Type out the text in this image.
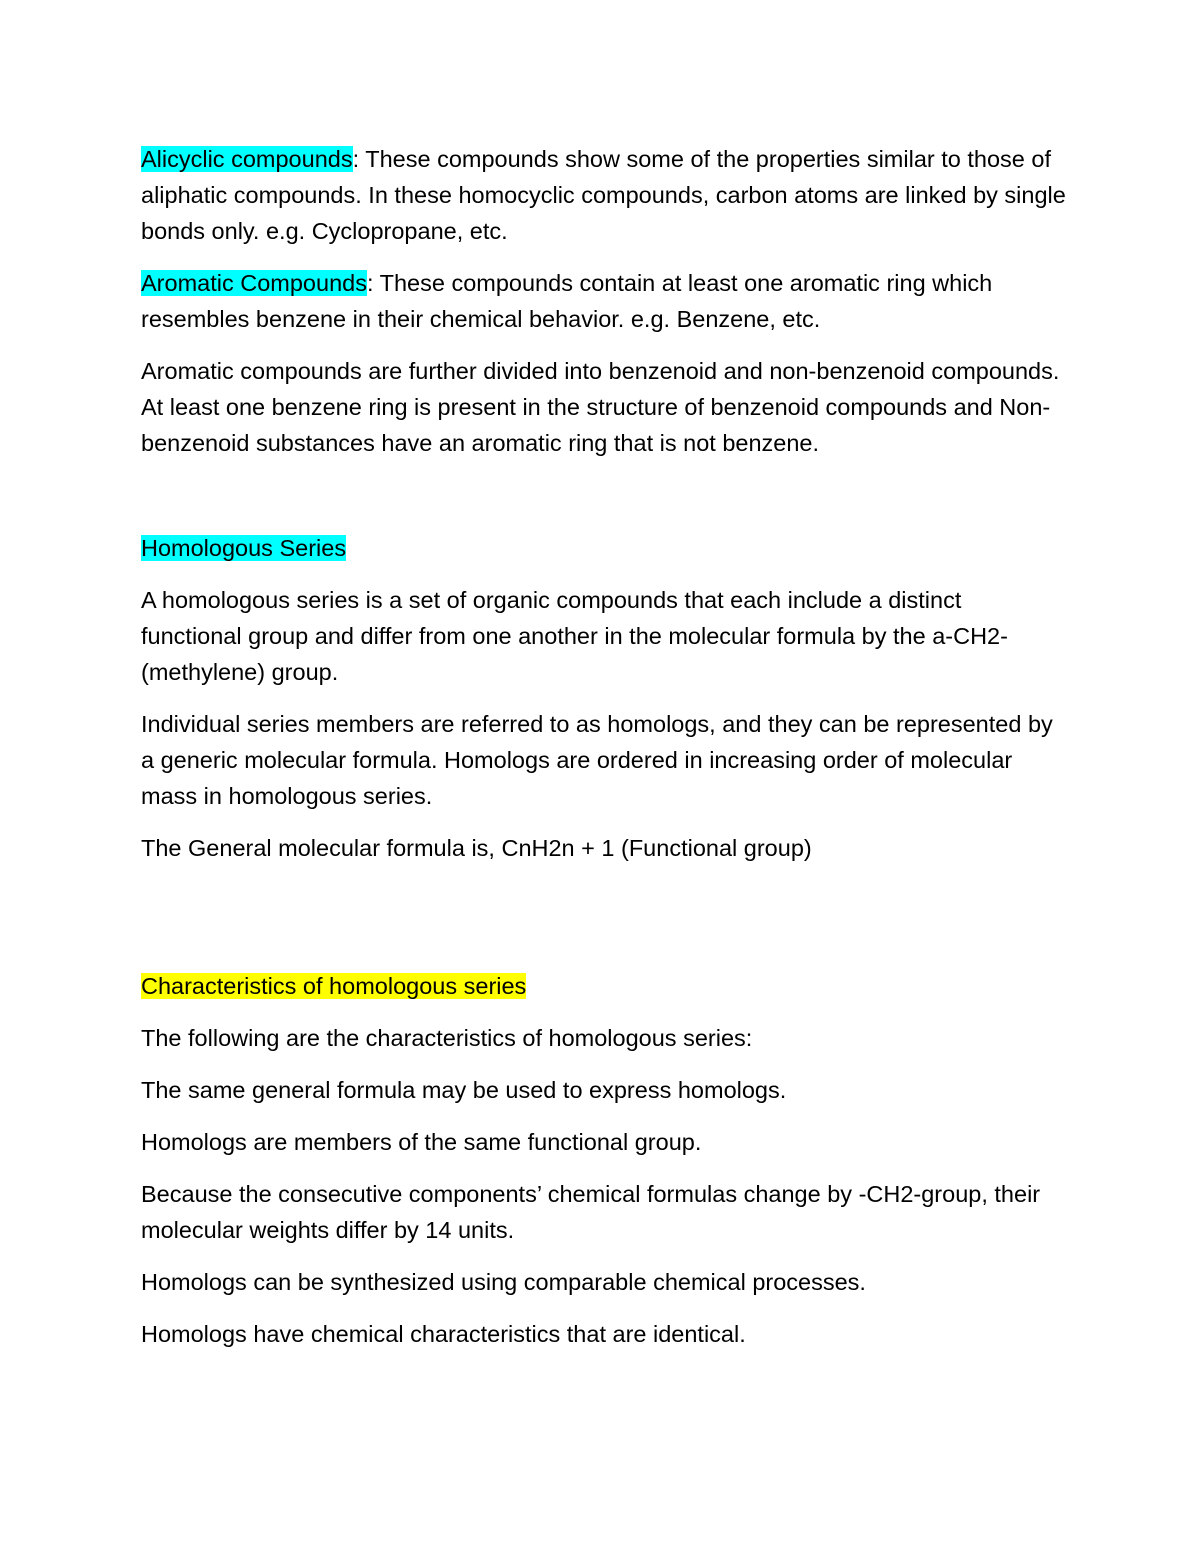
Alicyclic compounds: These compounds show some of the properties similar to those of aliphatic compounds. In these homocyclic compounds, carbon atoms are linked by single bonds only. e.g. Cyclopropane, etc.

Aromatic Compounds: These compounds contain at least one aromatic ring which resembles benzene in their chemical behavior. e.g. Benzene, etc.

Aromatic compounds are further divided into benzenoid and non-benzenoid compounds. At least one benzene ring is present in the structure of benzenoid compounds and Non-benzenoid substances have an aromatic ring that is not benzene.

Homologous Series

A homologous series is a set of organic compounds that each include a distinct functional group and differ from one another in the molecular formula by the a-CH2-(methylene) group.

Individual series members are referred to as homologs, and they can be represented by a generic molecular formula. Homologs are ordered in increasing order of molecular mass in homologous series.

The General molecular formula is, CnH2n + 1 (Functional group)

Characteristics of homologous series

The following are the characteristics of homologous series:

The same general formula may be used to express homologs.

Homologs are members of the same functional group.

Because the consecutive components’ chemical formulas change by -CH2-group, their molecular weights differ by 14 units.

Homologs can be synthesized using comparable chemical processes.

Homologs have chemical characteristics that are identical.
